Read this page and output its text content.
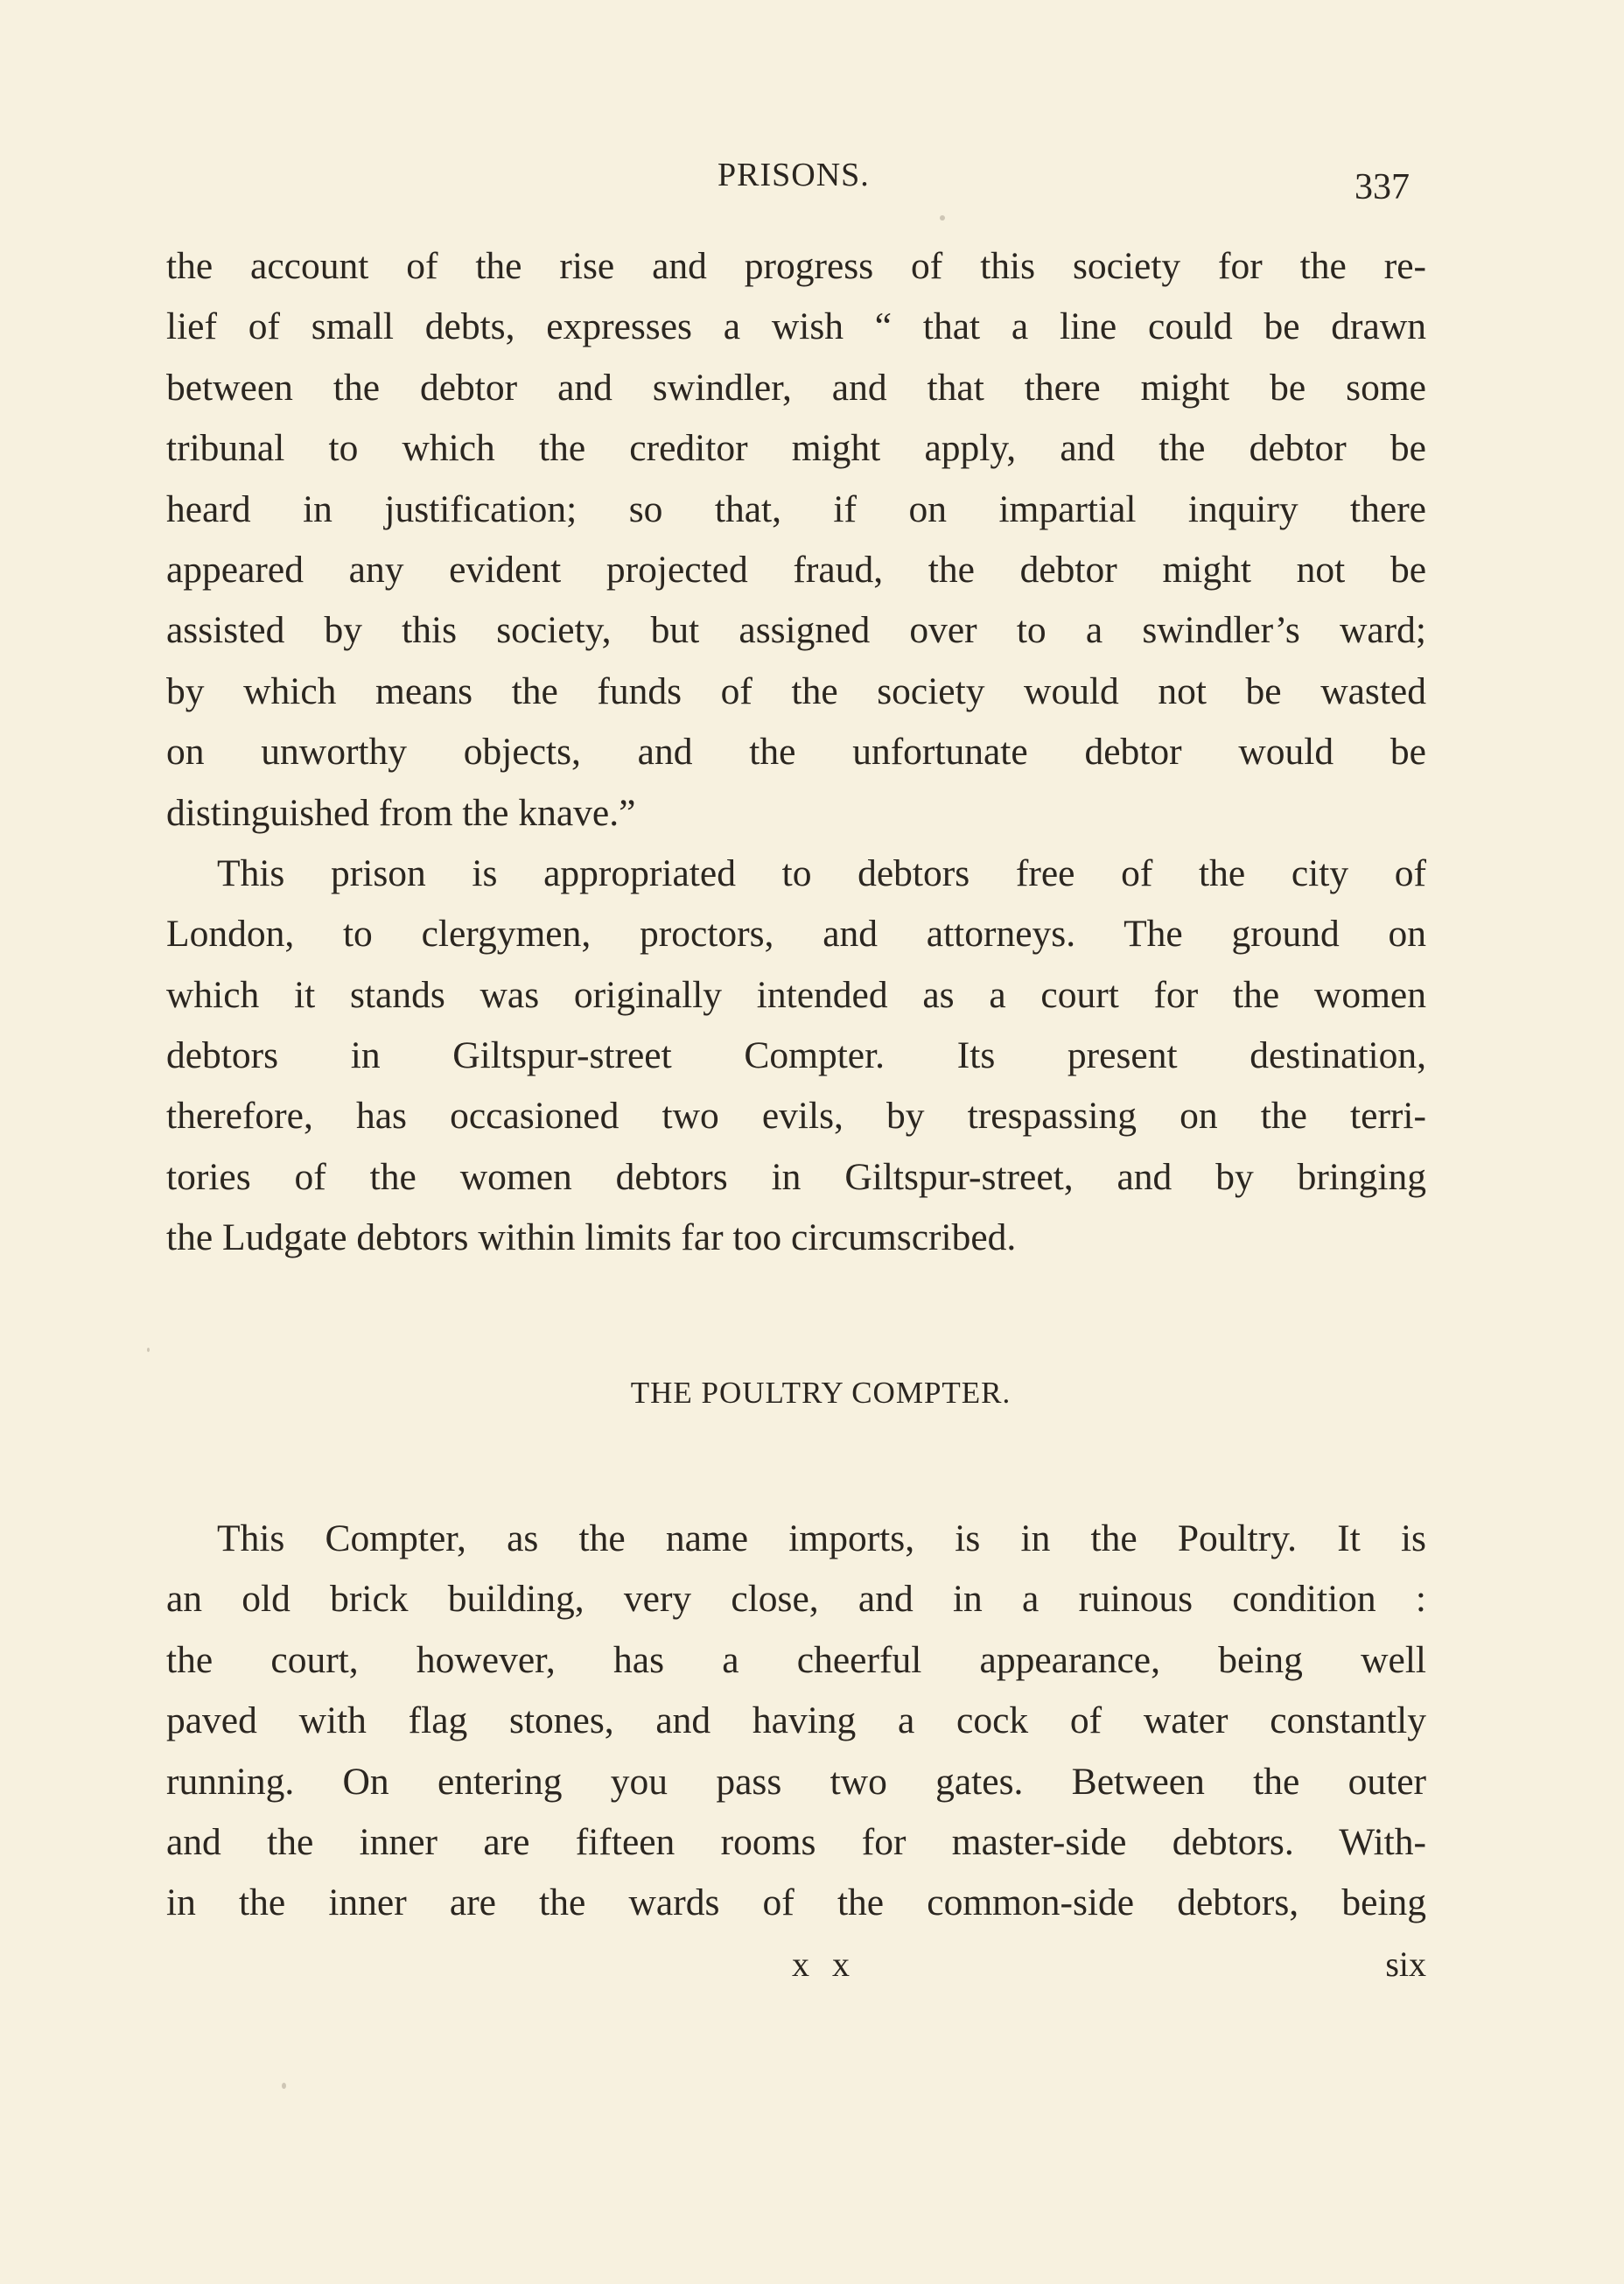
PRISONS.	337
the account of the rise and progress of this society for the re-
lief of small debts, expresses a wish “ that a line could be drawn
between the debtor and swindler, and that there might be some
tribunal to which the creditor might apply, and the debtor be
heard in justification; so that, if on impartial inquiry there
appeared any evident projected fraud, the debtor might not be
assisted by this society, but assigned over to a swindler’s ward;
by which means the funds of the society would not be wasted
on unworthy objects, and the unfortunate debtor would be
distinguished from the knave.”
This prison is appropriated to debtors free of the city of
London, to clergymen, proctors, and attorneys. The ground on
which it stands was originally intended as a court for the women
debtors in Giltspur-street Compter. Its present destination,
therefore, has occasioned two evils, by trespassing on the terri-
tories of the women debtors in Giltspur-street, and by bringing
the Ludgate debtors within limits far too circumscribed.
THE POULTRY COMPTER.
This Compter, as the name imports, is in the Poultry. It is
an old brick building, very close, and in a ruinous condition :
the court, however, has a cheerful appearance, being well
paved with flag stones, and having a cock of water constantly
running. On entering you pass two gates. Between the outer
and the inner are fifteen rooms for master-side debtors. With-
in the inner are the wards of the common-side debtors, being
x x	six
